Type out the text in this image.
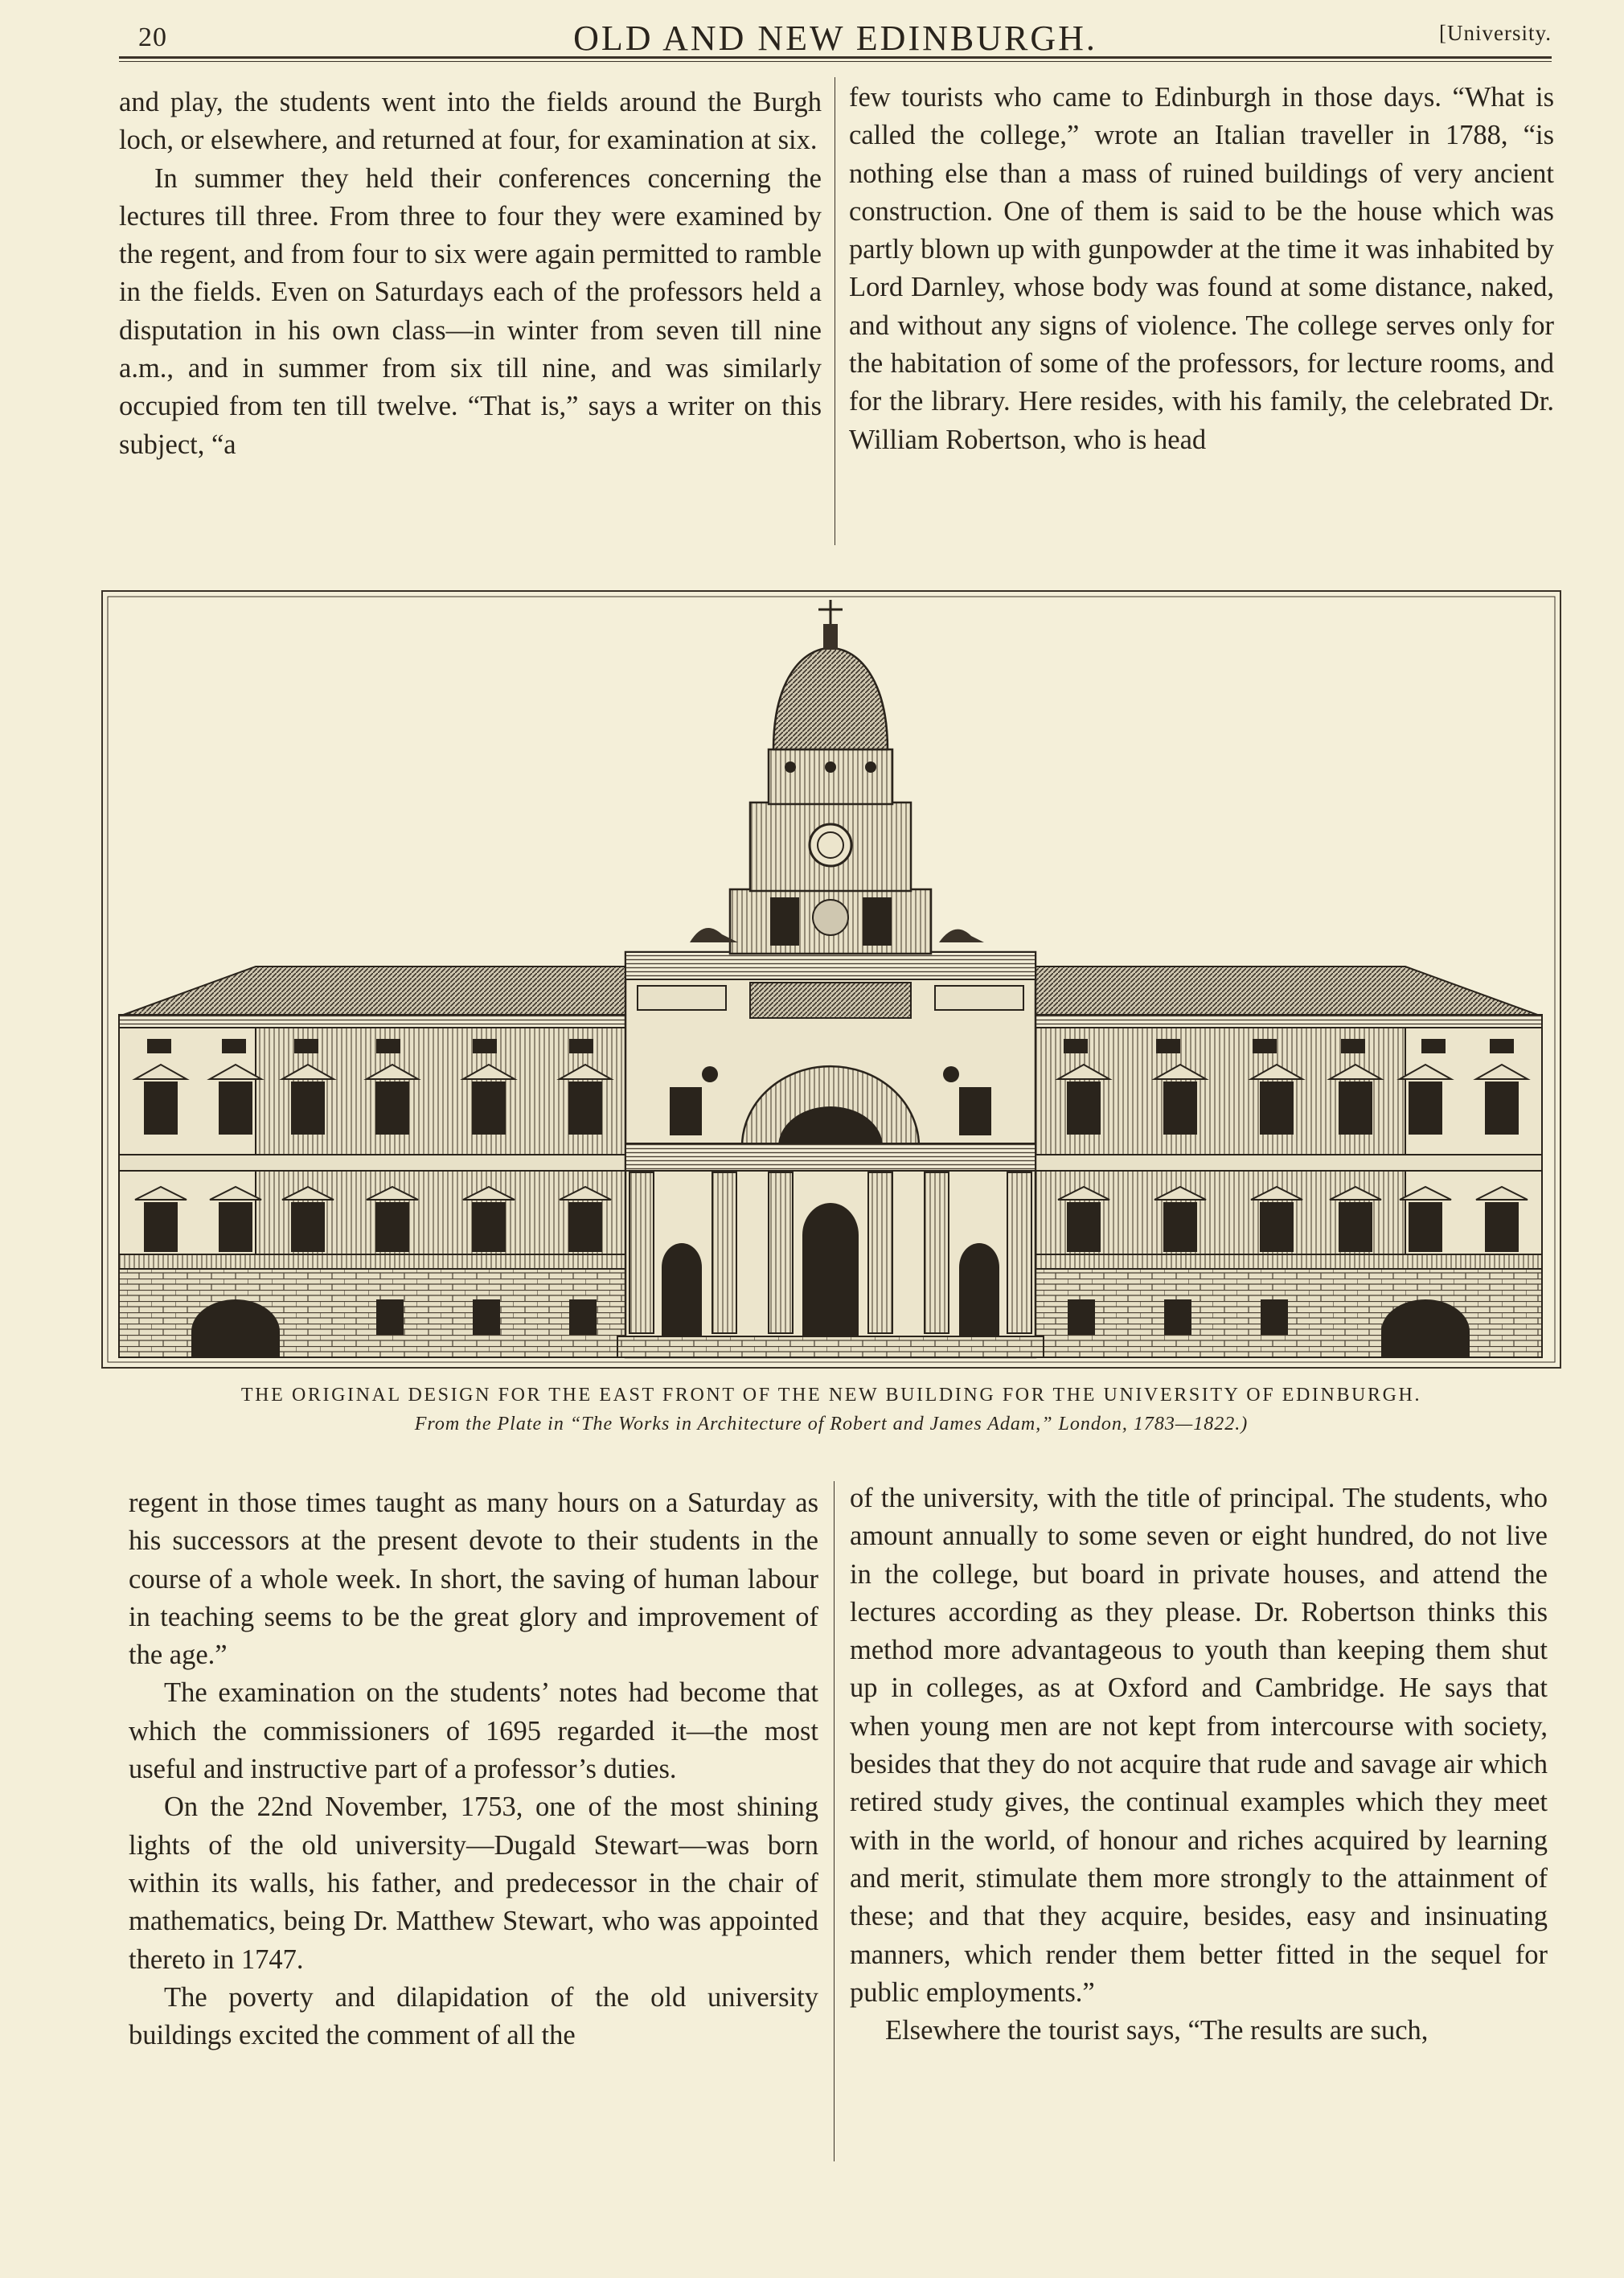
20	OLD AND NEW EDINBURGH.	[University.

and play, the students went into the fields around the Burgh loch, or elsewhere, and returned at four, for examination at six.

In summer they held their conferences concerning the lectures till three. From three to four they were examined by the regent, and from four to six were again permitted to ramble in the fields. Even on Saturdays each of the professors held a disputation in his own class—in winter from seven till nine a.m., and in summer from six till nine, and was similarly occupied from ten till twelve. “That is,” says a writer on this subject, “a

few tourists who came to Edinburgh in those days. “What is called the college,” wrote an Italian traveller in 1788, “is nothing else than a mass of ruined buildings of very ancient construction. One of them is said to be the house which was partly blown up with gunpowder at the time it was inhabited by Lord Darnley, whose body was found at some distance, naked, and without any signs of violence. The college serves only for the habitation of some of the professors, for lecture rooms, and for the library. Here resides, with his family, the celebrated Dr. William Robertson, who is head

THE ORIGINAL DESIGN FOR THE EAST FRONT OF THE NEW BUILDING FOR THE UNIVERSITY OF EDINBURGH.
From the Plate in “The Works in Architecture of Robert and James Adam,” London, 1783—1822.)

regent in those times taught as many hours on a Saturday as his successors at the present devote to their students in the course of a whole week. In short, the saving of human labour in teaching seems to be the great glory and improvement of the age.”

The examination on the students’ notes had become that which the commissioners of 1695 regarded it—the most useful and instructive part of a professor’s duties.

On the 22nd November, 1753, one of the most shining lights of the old university—Dugald Stewart—was born within its walls, his father, and predecessor in the chair of mathematics, being Dr. Matthew Stewart, who was appointed thereto in 1747.

The poverty and dilapidation of the old university buildings excited the comment of all the

of the university, with the title of principal. The students, who amount annually to some seven or eight hundred, do not live in the college, but board in private houses, and attend the lectures according as they please. Dr. Robertson thinks this method more advantageous to youth than keeping them shut up in colleges, as at Oxford and Cambridge. He says that when young men are not kept from intercourse with society, besides that they do not acquire that rude and savage air which retired study gives, the continual examples which they meet with in the world, of honour and riches acquired by learning and merit, stimulate them more strongly to the attainment of these; and that they acquire, besides, easy and insinuating manners, which render them better fitted in the sequel for public employments.”

Elsewhere the tourist says, “The results are such,
